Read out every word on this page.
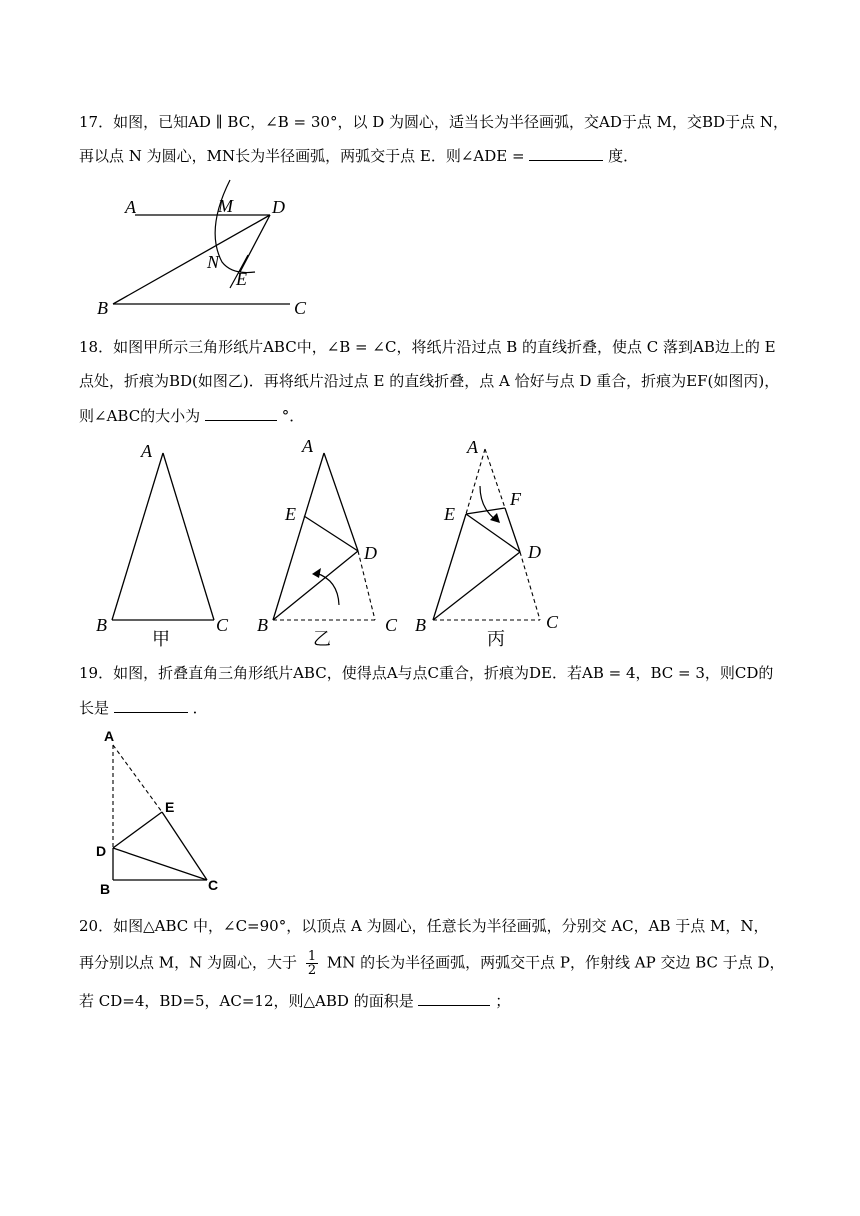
17．如图，已知AD ∥ BC，∠B = 30°，以 D 为圆心，适当长为半径画弧，交AD于点 M，交BD于点 N，
再以点 N 为圆心，MN长为半径画弧，两弧交于点 E．则∠ADE =	度．
A	M D
N
E
B	C
18．如图甲所示三角形纸片ABC中，∠B = ∠C，将纸片沿过点 B 的直线折叠，使点 C 落到AB边上的 E
点处，折痕为BD(如图乙)．再将纸片沿过点 E 的直线折叠，点 A 恰好与点 D 重合，折痕为EF(如图丙)，
则∠ABC的大小为	°．
A
B	C
甲
A
E
D
B	C
乙
A
F
E
D
B	C
丙
19．如图，折叠直角三角形纸片ABC，使得点A与点C重合，折痕为DE．若AB = 4，BC = 3，则CD的
长是	．
A
E
D
B	C
20．如图△ABC 中，∠C=90°，以顶点 A 为圆心，任意长为半径画弧，分别交 AC，AB 于点 M，N，
再分别以点 M，N 为圆心，大于 $\frac{1}{2}$ MN 的长为半径画弧，两弧交干点 P，作射线 AP 交边 BC 于点 D，
若 CD=4，BD=5，AC=12，则△ABD 的面积是	；
